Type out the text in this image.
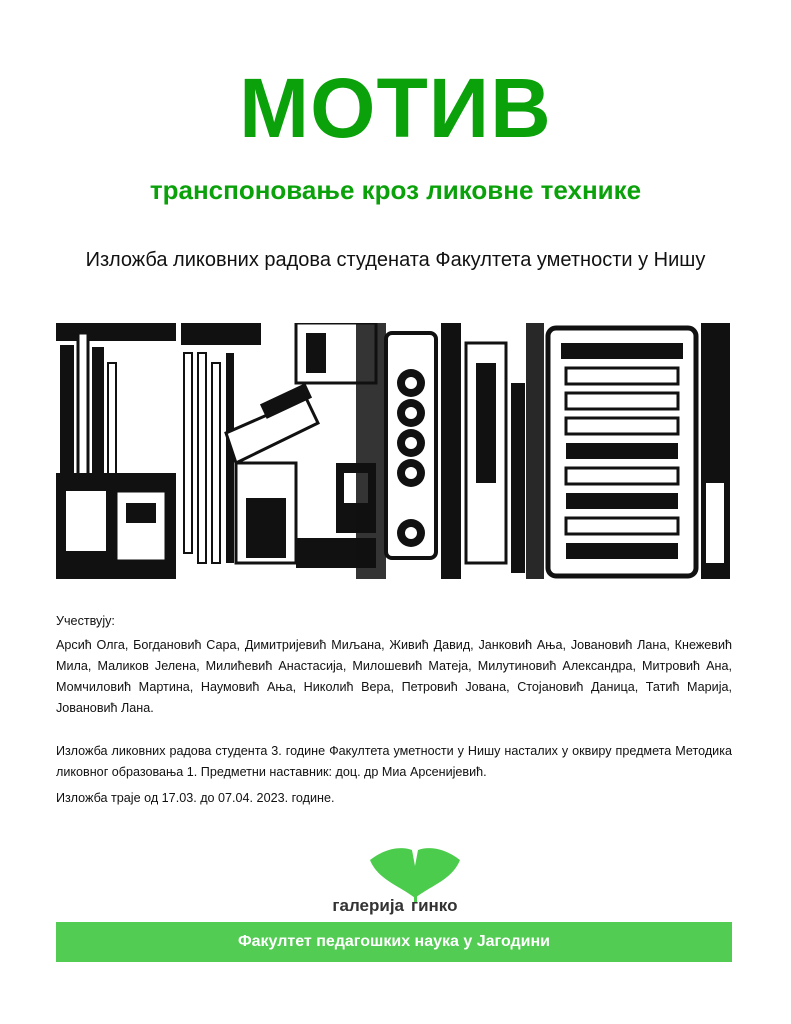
МОТИВ
транспоновање кроз ликовне технике
Изложба ликовних радова студената Факултета уметности у Нишу
Учествују:
Арсић Олга, Богдановић Сара, Димитријевић Миљана, Живић Давид, Јанковић Ања, Јовановић Лана, Кнежевић Мила, Маликов Јелена, Милићевић Анастасија, Милошевић Матеја, Милутиновић Александра, Митровић Ана, Момчиловић Мартина, Наумовић Ања, Николић Вера, Петровић Јована, Стојановић Даница, Татић Марија, Јовановић Лана.
Изложба ликовних радова студента 3. године Факултета уметности у Нишу насталих у оквиру предмета Методика ликовног образовања 1. Предметни наставник: доц. др Миа Арсенијевић.
Изложба траје од 17.03. до 07.04. 2023. године.
галерија гинко
Факултет педагошких наука у Јагодини
